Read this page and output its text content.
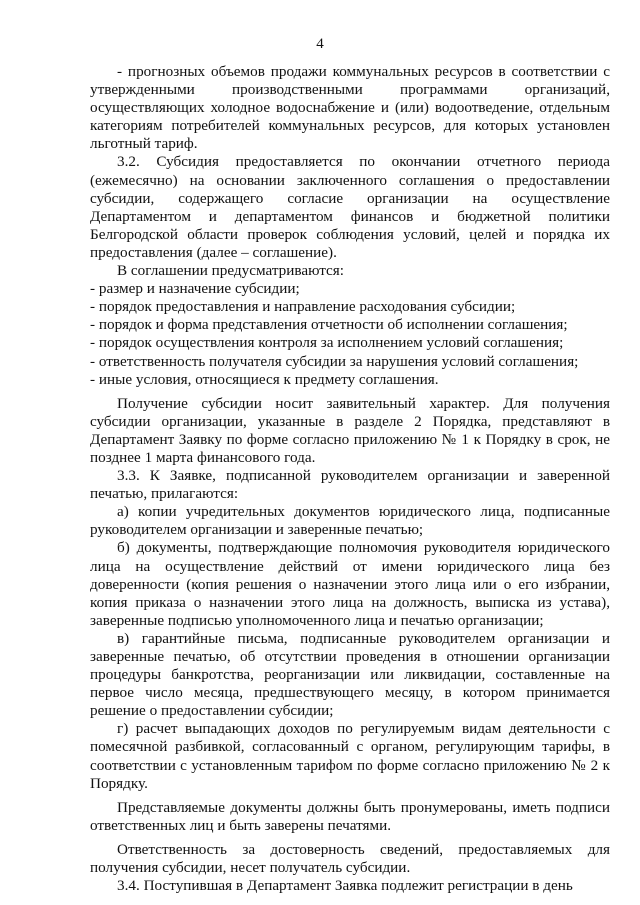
4

- прогнозных объемов продажи коммунальных ресурсов в соответствии с утвержденными производственными программами организаций, осуществляющих холодное водоснабжение и (или) водоотведение, отдельным категориям потребителей коммунальных ресурсов, для которых установлен льготный тариф.

3.2. Субсидия предоставляется по окончании отчетного периода (ежемесячно) на основании заключенного соглашения о предоставлении субсидии, содержащего согласие организации на осуществление Департаментом и департаментом финансов и бюджетной политики Белгородской области проверок соблюдения условий, целей и порядка их предоставления (далее – соглашение).

В соглашении предусматриваются:

- размер и назначение субсидии;

- порядок предоставления и направление расходования субсидии;

- порядок и форма представления отчетности об исполнении соглашения;

- порядок осуществления контроля за исполнением условий соглашения;

- ответственность получателя субсидии за нарушения условий соглашения;

- иные условия, относящиеся к предмету соглашения.

Получение субсидии носит заявительный характер. Для получения субсидии организации, указанные в разделе 2 Порядка, представляют в Департамент Заявку по форме согласно приложению № 1 к Порядку в срок, не позднее 1 марта финансового года.

3.3. К Заявке, подписанной руководителем организации и заверенной печатью, прилагаются:

а) копии учредительных документов юридического лица, подписанные руководителем организации и заверенные печатью;

б) документы, подтверждающие полномочия руководителя юридического лица на осуществление действий от имени юридического лица без доверенности (копия решения о назначении этого лица или о его избрании, копия приказа о назначении этого лица на должность, выписка из устава), заверенные подписью уполномоченного лица и печатью организации;

в) гарантийные письма, подписанные руководителем организации и заверенные печатью, об отсутствии проведения в отношении организации процедуры банкротства, реорганизации или ликвидации, составленные на первое число месяца, предшествующего месяцу, в котором принимается решение о предоставлении субсидии;

г) расчет выпадающих доходов по регулируемым видам деятельности с помесячной разбивкой, согласованный с органом, регулирующим тарифы, в соответствии с установленным тарифом по форме согласно приложению № 2 к Порядку.

Представляемые документы должны быть пронумерованы, иметь подписи ответственных лиц и быть заверены печатями.

Ответственность за достоверность сведений, предоставляемых для получения субсидии, несет получатель субсидии.

3.4. Поступившая в Департамент Заявка подлежит регистрации в день
